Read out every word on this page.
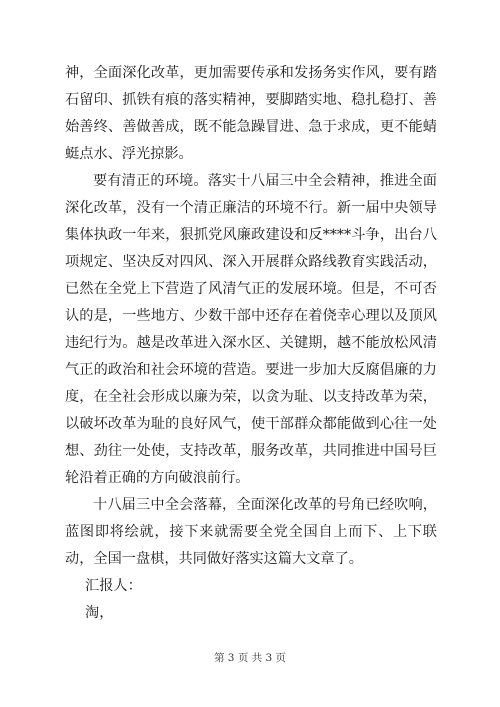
神，全面深化改革，更加需要传承和发扬务实作风，要有踏石留印、抓铁有痕的落实精神，要脚踏实地、稳扎稳打、善始善终、善做善成，既不能急躁冒进、急于求成，更不能蜻蜓点水、浮光掠影。

要有清正的环境。落实十八届三中全会精神，推进全面深化改革，没有一个清正廉洁的环境不行。新一届中央领导集体执政一年来，狠抓党风廉政建设和反****斗争，出台八项规定、坚决反对四风、深入开展群众路线教育实践活动，已然在全党上下营造了风清气正的发展环境。但是，不可否认的是，一些地方、少数干部中还存在着侥幸心理以及顶风违纪行为。越是改革进入深水区、关键期，越不能放松风清气正的政治和社会环境的营造。要进一步加大反腐倡廉的力度，在全社会形成以廉为荣，以贪为耻、以支持改革为荣，以破坏改革为耻的良好风气，使干部群众都能做到心往一处想、劲往一处使，支持改革，服务改革，共同推进中国号巨轮沿着正确的方向破浪前行。

十八届三中全会落幕，全面深化改革的号角已经吹响，蓝图即将绘就，接下来就需要全党全国自上而下、上下联动，全国一盘棋，共同做好落实这篇大文章了。

汇报人：

淘，

第 3 页 共 3 页
